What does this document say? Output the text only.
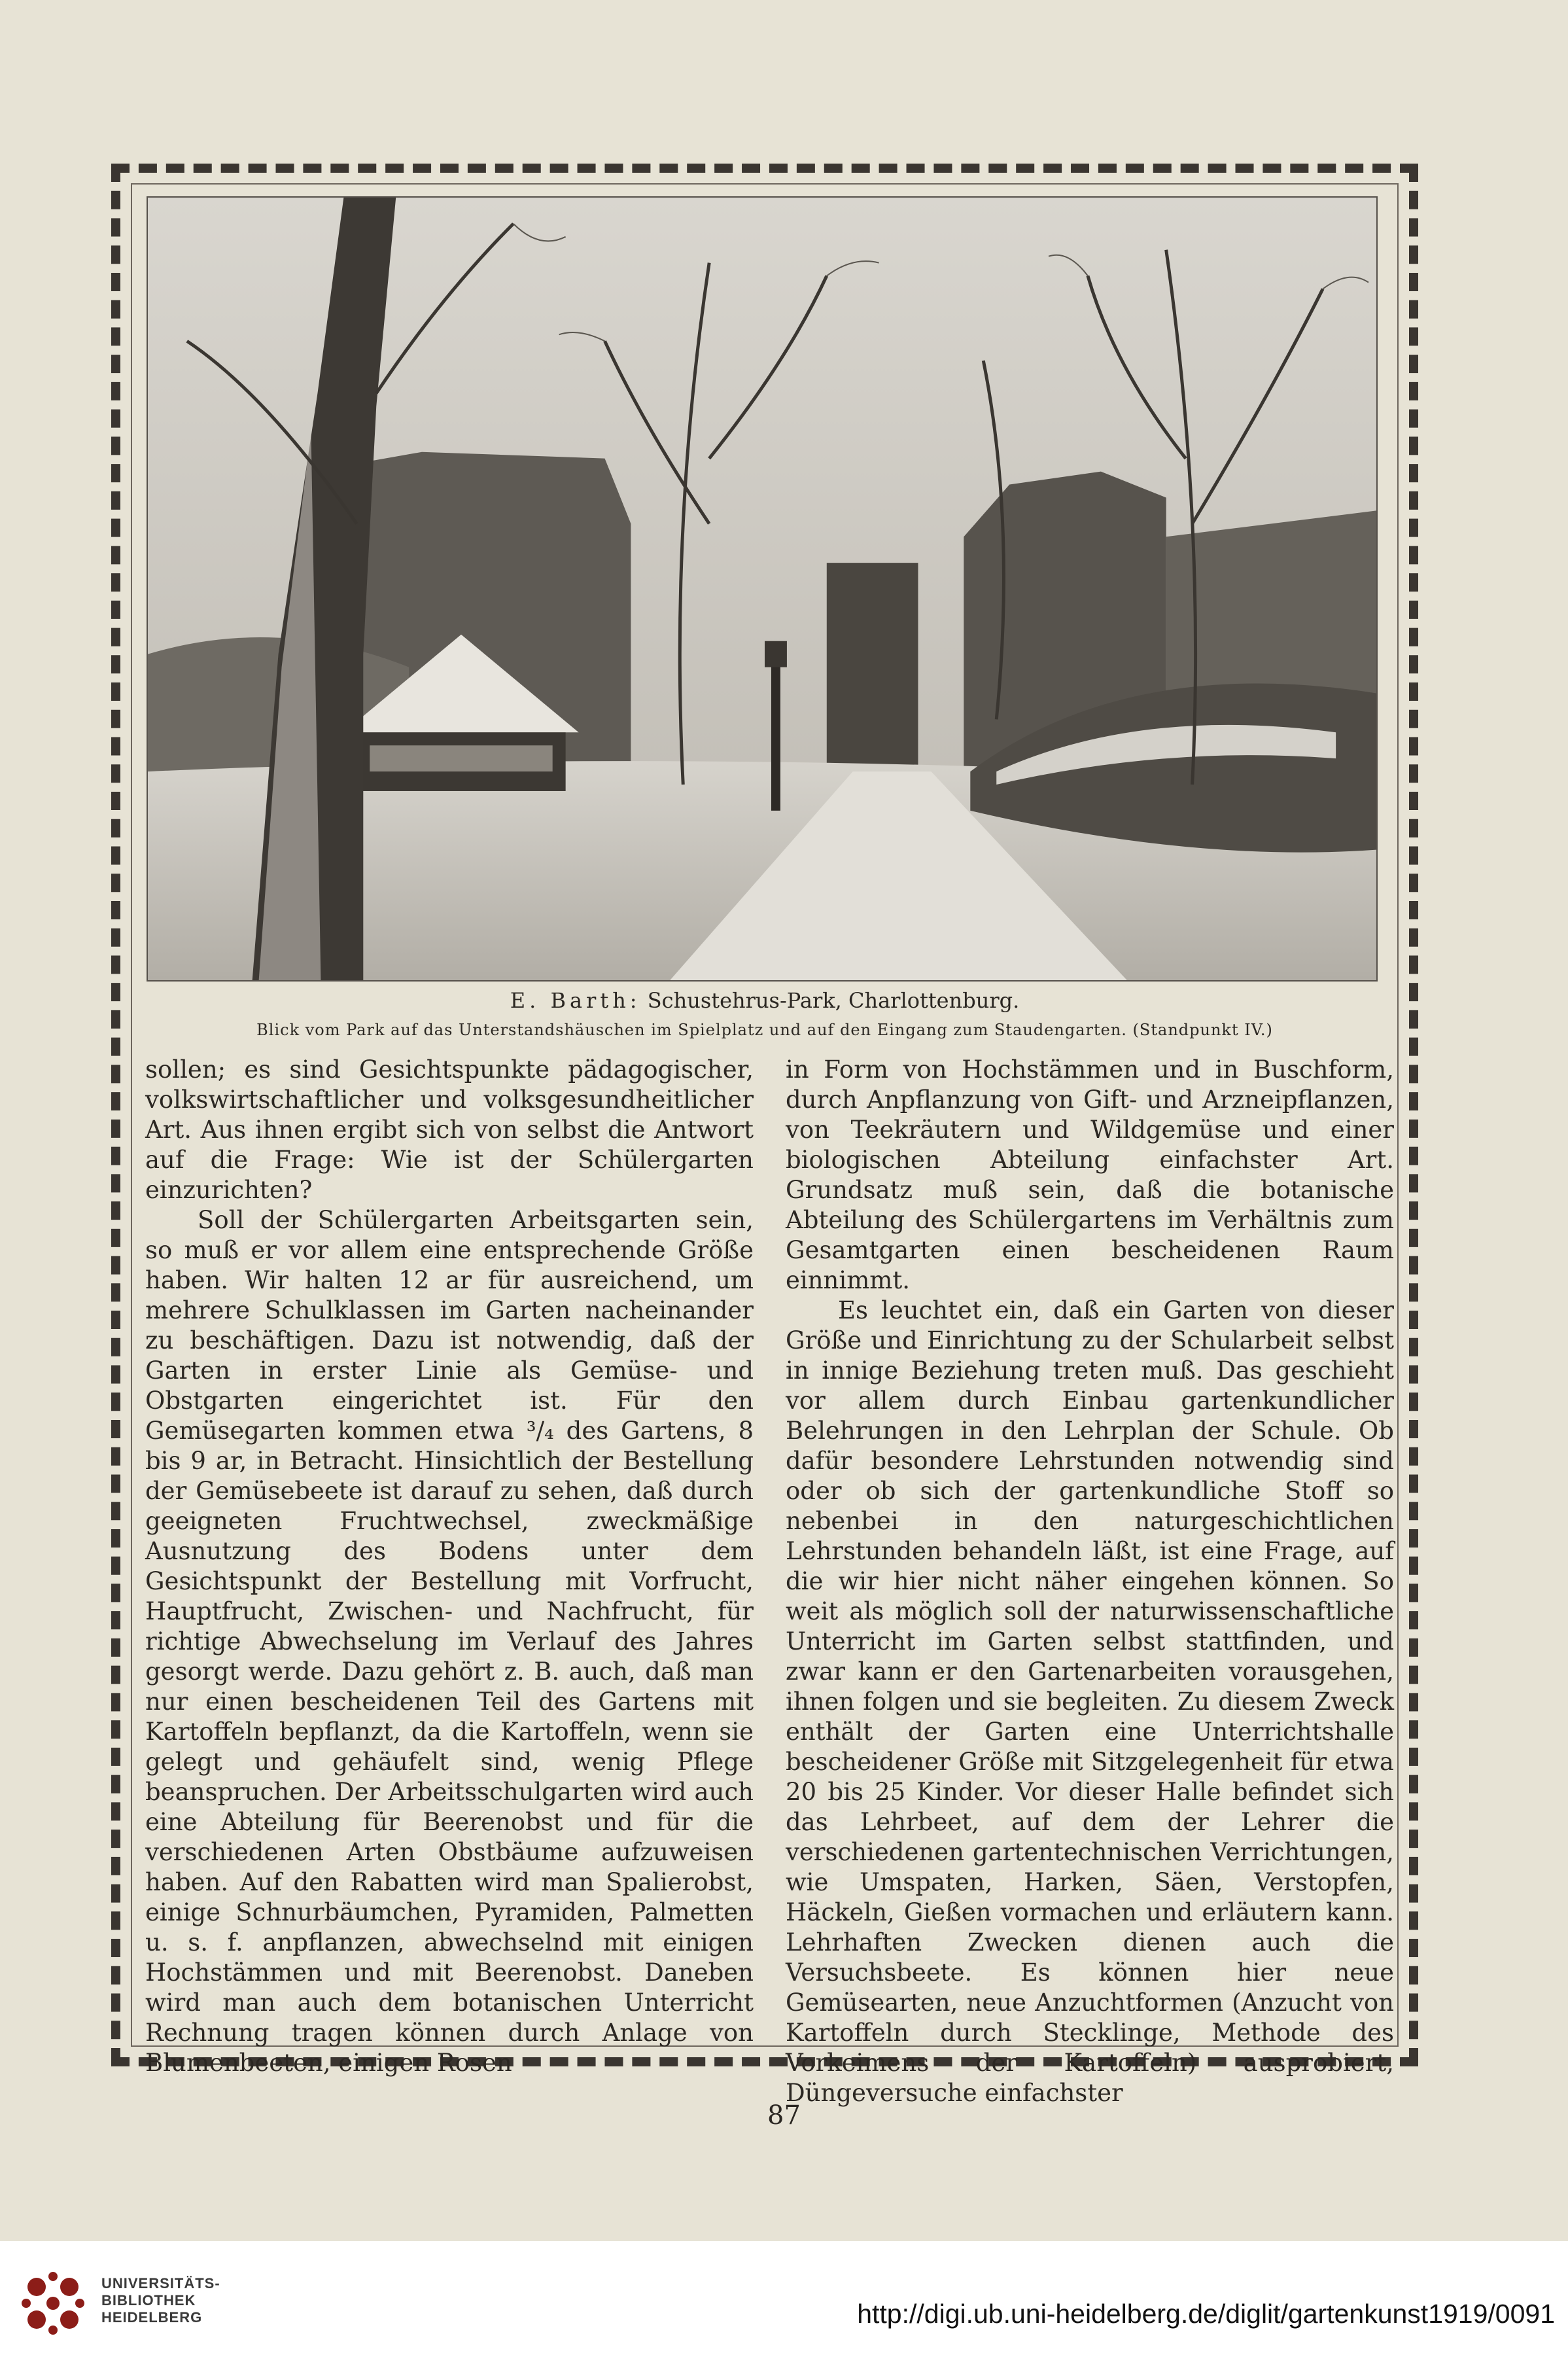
E. Barth: Schustehrus-Park, Charlottenburg.
Blick vom Park auf das Unterstandshäuschen im Spielplatz und auf den Eingang zum Staudengarten. (Standpunkt IV.)

sollen; es sind Gesichtspunkte pädagogischer, volkswirtschaftlicher und volksgesundheitlicher Art. Aus ihnen ergibt sich von selbst die Antwort auf die Frage: Wie ist der Schülergarten einzurichten?

Soll der Schülergarten Arbeitsgarten sein, so muß er vor allem eine entsprechende Größe haben. Wir halten 12 ar für ausreichend, um mehrere Schulklassen im Garten nacheinander zu beschäftigen. Dazu ist notwendig, daß der Garten in erster Linie als Gemüse- und Obstgarten eingerichtet ist. Für den Gemüsegarten kommen etwa ³/₄ des Gartens, 8 bis 9 ar, in Betracht. Hinsichtlich der Bestellung der Gemüsebeete ist darauf zu sehen, daß durch geeigneten Fruchtwechsel, zweckmäßige Ausnutzung des Bodens unter dem Gesichtspunkt der Bestellung mit Vorfrucht, Hauptfrucht, Zwischen- und Nachfrucht, für richtige Abwechselung im Verlauf des Jahres gesorgt werde. Dazu gehört z. B. auch, daß man nur einen bescheidenen Teil des Gartens mit Kartoffeln bepflanzt, da die Kartoffeln, wenn sie gelegt und gehäufelt sind, wenig Pflege beanspruchen. Der Arbeitsschulgarten wird auch eine Abteilung für Beerenobst und für die verschiedenen Arten Obstbäume aufzuweisen haben. Auf den Rabatten wird man Spalierobst, einige Schnurbäumchen, Pyramiden, Palmetten u. s. f. anpflanzen, abwechselnd mit einigen Hochstämmen und mit Beerenobst. Daneben wird man auch dem botanischen Unterricht Rechnung tragen können durch Anlage von Blumenbeeten, einigen Rosen

in Form von Hochstämmen und in Buschform, durch Anpflanzung von Gift- und Arzneipflanzen, von Teekräutern und Wildgemüse und einer biologischen Abteilung einfachster Art. Grundsatz muß sein, daß die botanische Abteilung des Schülergartens im Verhältnis zum Gesamtgarten einen bescheidenen Raum einnimmt.

Es leuchtet ein, daß ein Garten von dieser Größe und Einrichtung zu der Schularbeit selbst in innige Beziehung treten muß. Das geschieht vor allem durch Einbau gartenkundlicher Belehrungen in den Lehrplan der Schule. Ob dafür besondere Lehrstunden notwendig sind oder ob sich der gartenkundliche Stoff so nebenbei in den naturgeschichtlichen Lehrstunden behandeln läßt, ist eine Frage, auf die wir hier nicht näher eingehen können. So weit als möglich soll der naturwissenschaftliche Unterricht im Garten selbst stattfinden, und zwar kann er den Gartenarbeiten vorausgehen, ihnen folgen und sie begleiten. Zu diesem Zweck enthält der Garten eine Unterrichtshalle bescheidener Größe mit Sitzgelegenheit für etwa 20 bis 25 Kinder. Vor dieser Halle befindet sich das Lehrbeet, auf dem der Lehrer die verschiedenen gartentechnischen Verrichtungen, wie Umspaten, Harken, Säen, Verstopfen, Häckeln, Gießen vormachen und erläutern kann. Lehrhaften Zwecken dienen auch die Versuchsbeete. Es können hier neue Gemüsearten, neue Anzuchtformen (Anzucht von Kartoffeln durch Stecklinge, Methode des Vorkeimens der Kartoffeln) ausprobiert, Düngeversuche einfachster

87
UNIVERSITÄTS-
BIBLIOTHEK
HEIDELBERG	http://digi.ub.uni-heidelberg.de/diglit/gartenkunst1919/0091
